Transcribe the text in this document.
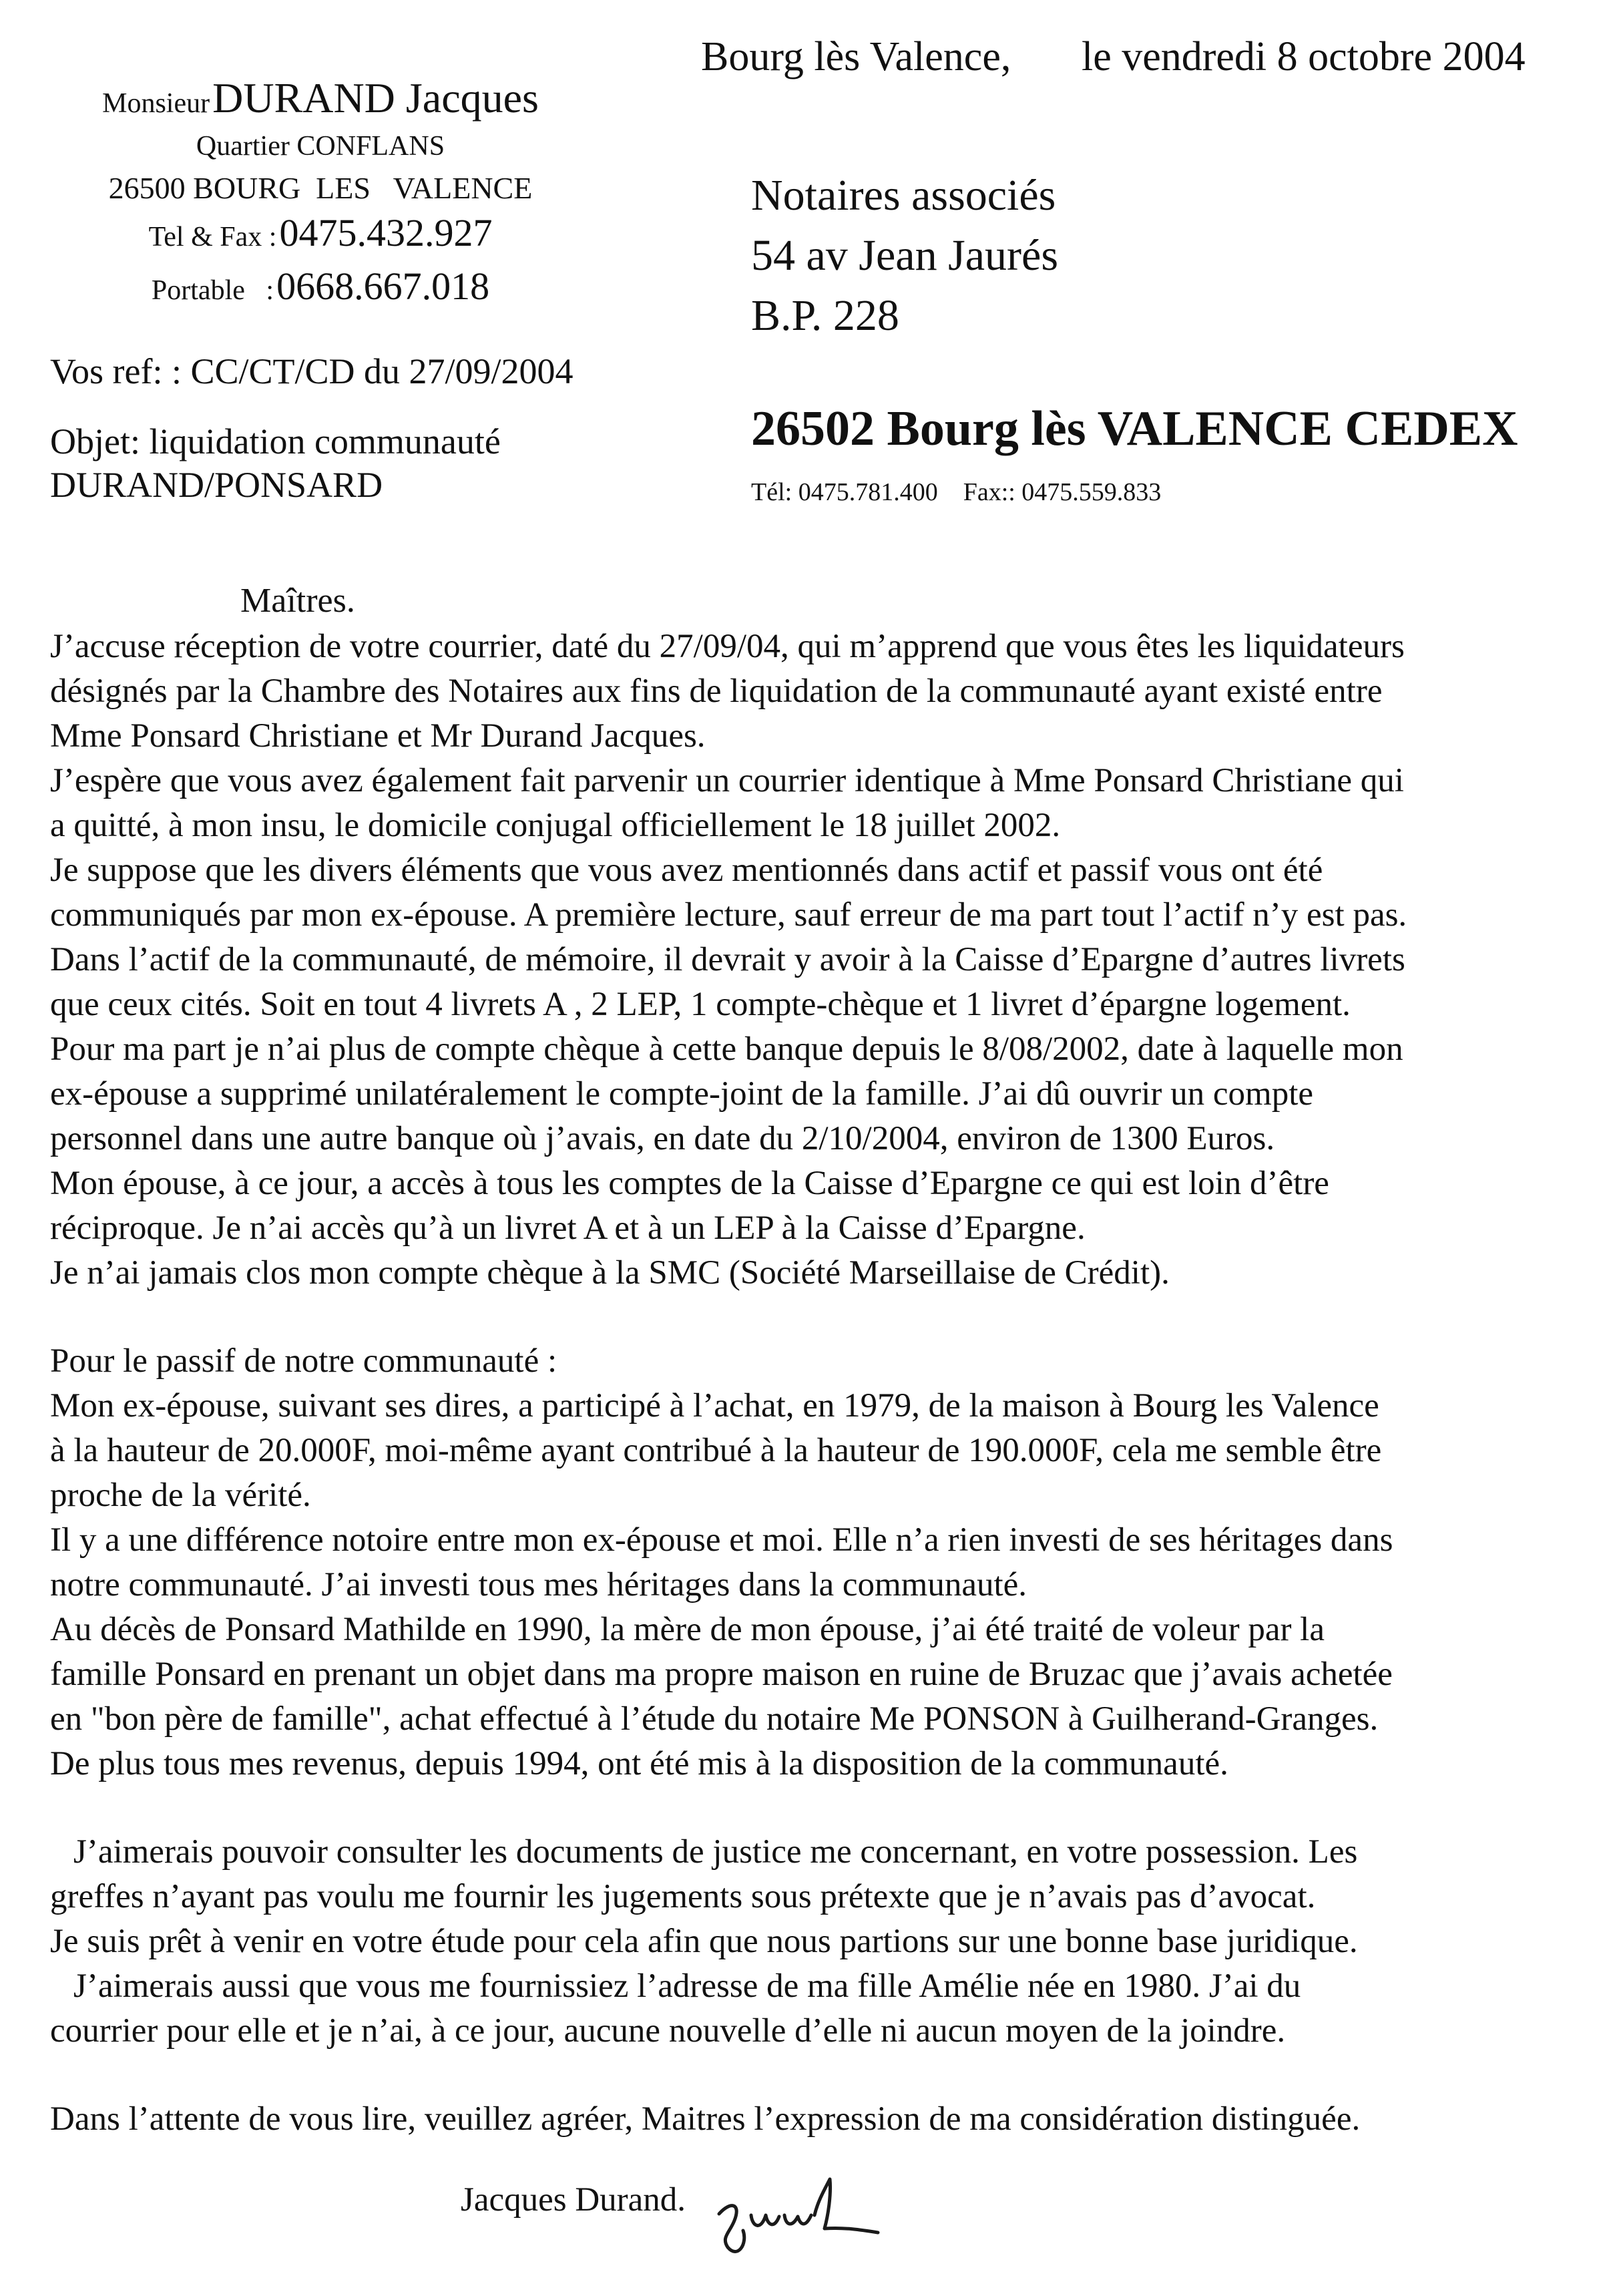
Monsieur DURAND Jacques
Quartier CONFLANS
26500 BOURG  LES   VALENCE
Tel & Fax : 0475.432.927
Portable   : 0668.667.018
Vos ref: : CC/CT/CD du 27/09/2004
Objet: liquidation communauté
DURAND/PONSARD
Bourg lès Valence, le vendredi 8 octobre 2004
Notaires associés
54 av Jean Jaurés
B.P. 228
26502 Bourg lès VALENCE CEDEX
Tél: 0475.781.400    Fax:: 0475.559.833
Maîtres.

J’accuse réception de votre courrier, daté du 27/09/04, qui m’apprend que vous êtes les liquidateurs

désignés par la Chambre des Notaires aux fins de liquidation de la communauté ayant existé entre

Mme Ponsard Christiane et Mr Durand Jacques.

J’espère que vous avez également fait parvenir un courrier identique à Mme Ponsard Christiane qui

a quitté, à mon insu, le domicile conjugal officiellement le 18 juillet 2002.

Je suppose que les divers éléments que vous avez mentionnés dans actif et passif vous ont été

communiqués par mon ex-épouse. A première lecture, sauf erreur de ma part tout l’actif n’y est pas.

Dans l’actif de la communauté, de mémoire, il devrait y avoir à la Caisse d’Epargne d’autres livrets

que ceux cités. Soit en tout 4 livrets A , 2 LEP, 1 compte-chèque et 1 livret d’épargne logement.

Pour ma part je n’ai plus de compte chèque à cette banque depuis le 8/08/2002, date à laquelle mon

ex-épouse a supprimé unilatéralement le compte-joint de la famille. J’ai dû ouvrir un compte

personnel dans une autre banque où j’avais, en date du 2/10/2004, environ de 1300 Euros.

Mon épouse, à ce jour, a accès à tous les comptes de la Caisse d’Epargne ce qui est loin d’être

réciproque. Je n’ai accès qu’à un livret A et à un LEP à la Caisse d’Epargne.

Je n’ai jamais clos mon compte chèque à la SMC (Société Marseillaise de Crédit).

Pour le passif de notre communauté :

Mon ex-épouse, suivant ses dires, a participé à l’achat, en 1979, de la maison à Bourg les Valence

à la hauteur de 20.000F, moi-même ayant contribué à la hauteur de 190.000F, cela me semble être

proche de la vérité.

Il y a une différence notoire entre mon ex-épouse et moi. Elle n’a rien investi de ses héritages dans

notre communauté. J’ai investi tous mes héritages dans la communauté.

Au décès de Ponsard Mathilde en 1990, la mère de mon épouse, j’ai été traité de voleur par la

famille Ponsard en prenant un objet dans ma propre maison en ruine de Bruzac que j’avais achetée

en "bon père de famille", achat effectué à l’étude du notaire Me PONSON à Guilherand-Granges.

De plus tous mes revenus, depuis 1994, ont été mis à la disposition de la communauté.

J’aimerais pouvoir consulter les documents de justice me concernant, en votre possession. Les

greffes n’ayant pas voulu me fournir les jugements sous prétexte que je n’avais pas d’avocat.

Je suis prêt à venir en votre étude pour cela afin que nous partions sur une bonne base juridique.

J’aimerais aussi que vous me fournissiez l’adresse de ma fille Amélie née en 1980. J’ai du

courrier pour elle et je n’ai, à ce jour, aucune nouvelle d’elle ni aucun moyen de la joindre.

Dans l’attente de vous lire, veuillez agréer, Maitres l’expression de ma considération distinguée.

Jacques Durand.
